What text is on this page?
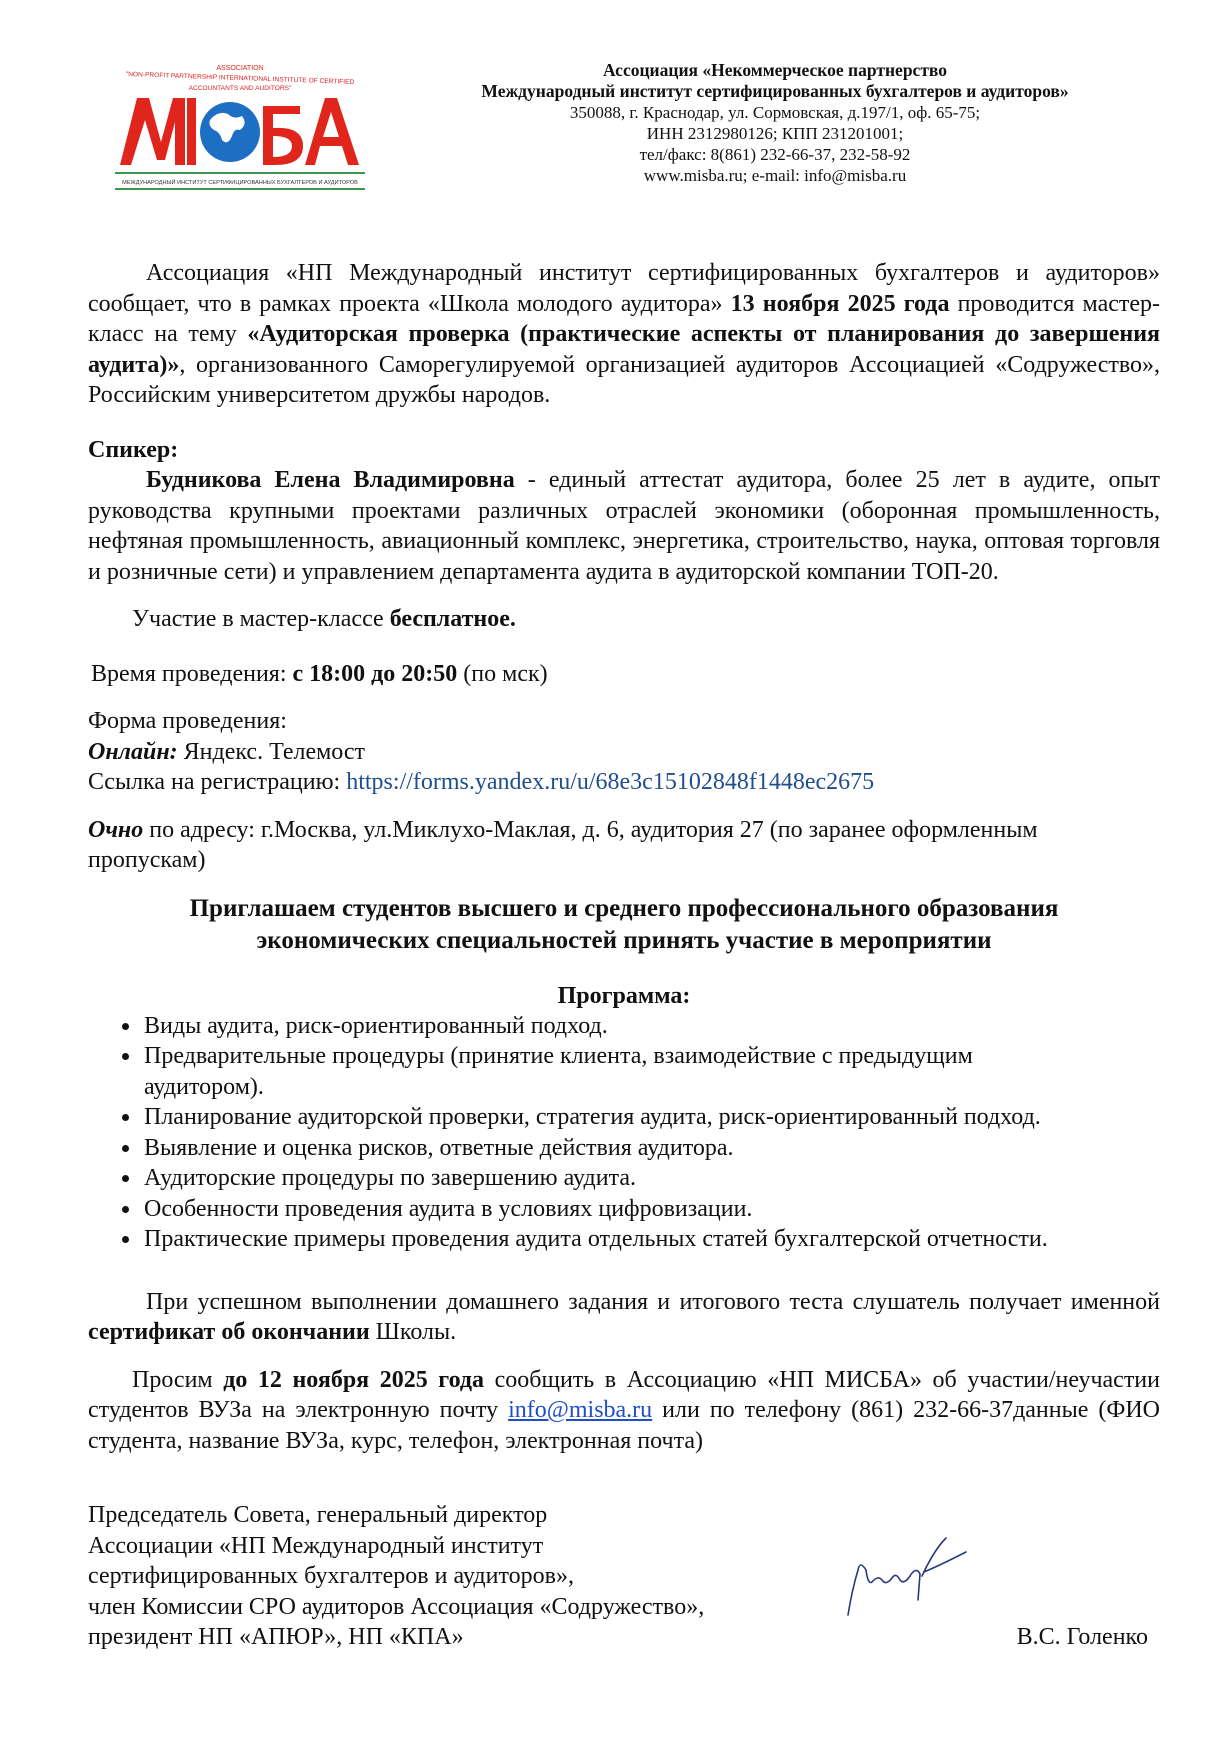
ASSOCIATION
"NON-PROFIT PARTNERSHIP INTERNATIONAL INSTITUTE OF CERTIFIED
ACCOUNTANTS AND AUDITORS"
МЕЖДУНАРОДНЫЙ ИНСТИТУТ СЕРТИФИЦИРОВАННЫХ БУХГАЛТЕРОВ И АУДИТОРОВ
Ассоциация «Некоммерческое партнерство
Международный институт сертифицированных бухгалтеров и аудиторов»
350088, г. Краснодар, ул. Сормовская, д.197/1, оф. 65-75;
ИНН 2312980126; КПП 231201001;
тел/факс: 8(861) 232-66-37, 232-58-92
www.misba.ru; e-mail: info@misba.ru

Ассоциация «НП Международный институт сертифицированных бухгалтеров и аудиторов» сообщает, что в рамках проекта «Школа молодого аудитора» 13 ноября 2025 года проводится мастер-класс на тему «Аудиторская проверка (практические аспекты от планирования до завершения аудита)», организованного Саморегулируемой организацией аудиторов Ассоциацией «Содружество», Российским университетом дружбы народов.

Спикер:

Будникова Елена Владимировна - единый аттестат аудитора, более 25 лет в аудите, опыт руководства крупными проектами различных отраслей экономики (оборонная промышленность, нефтяная промышленность, авиационный комплекс, энергетика, строительство, наука, оптовая торговля и розничные сети) и управлением департамента аудита в аудиторской компании ТОП-20.

Участие в мастер-классе бесплатное.

Время проведения: с 18:00 до 20:50 (по мск)

Форма проведения:

Онлайн: Яндекс. Телемост

Ссылка на регистрацию: https://forms.yandex.ru/u/68e3c15102848f1448ec2675

Очно по адресу: г.Москва, ул.Миклухо-Маклая, д. 6, аудитория 27 (по заранее оформленным пропускам)

Приглашаем студентов высшего и среднего профессионального образования
экономических специальностей принять участие в мероприятии
Программа:
• Виды аудита, риск-ориентированный подход.
• Предварительные процедуры (принятие клиента, взаимодействие с предыдущим аудитором).
• Планирование аудиторской проверки, стратегия аудита, риск-ориентированный подход.
• Выявление и оценка рисков, ответные действия аудитора.
• Аудиторские процедуры по завершению аудита.
• Особенности проведения аудита в условиях цифровизации.
• Практические примеры проведения аудита отдельных статей бухгалтерской отчетности.

При успешном выполнении домашнего задания и итогового теста слушатель получает именной сертификат об окончании Школы.

Просим до 12 ноября 2025 года сообщить в Ассоциацию «НП МИСБА» об участии/неучастии студентов ВУЗа на электронную почту info@misba.ru или по телефону (861) 232-66-37данные (ФИО студента, название ВУЗа, курс, телефон, электронная почта)

Председатель Совета, генеральный директор
Ассоциации «НП Международный институт
сертифицированных бухгалтеров и аудиторов»,
член Комиссии СРО аудиторов Ассоциация «Содружество»,
президент НП «АПЮР», НП «КПА»	В.С. Голенко
